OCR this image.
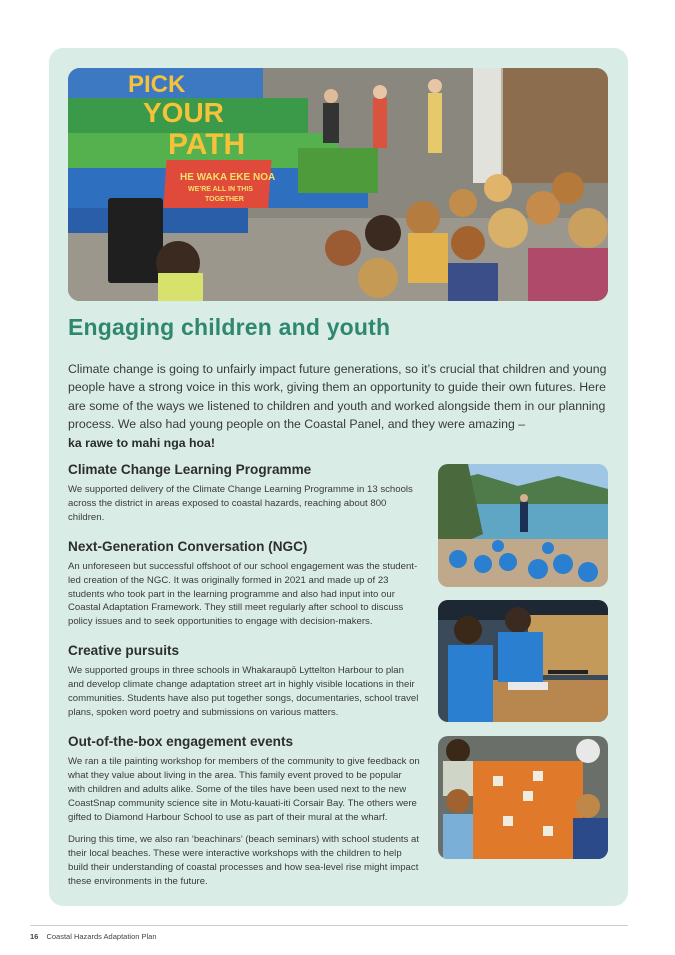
PICK
YOUR
PATH
HE WAKA EKE NOA
WE’RE ALL IN THIS
TOGETHER
Engaging children and youth

Climate change is going to unfairly impact future generations, so it’s crucial that children and young people have a strong voice in this work, giving them an opportunity to guide their own futures. Here are some of the ways we listened to children and youth and worked alongside them in our planning process. We also had young people on the Coastal Panel, and they were amazing –
ka rawe to mahi nga hoa!

Climate Change Learning Programme

We supported delivery of the Climate Change Learning Programme in 13 schools across the district in areas exposed to coastal hazards, reaching about 800 children.

Next-Generation Conversation (NGC)

An unforeseen but successful offshoot of our school engagement was the student-led creation of the NGC. It was originally formed in 2021 and made up of 23 students who took part in the learning programme and also had input into our Coastal Adaptation Framework. They still meet regularly after school to discuss policy issues and to seek opportunities to engage with decision-makers.

Creative pursuits

We supported groups in three schools in Whakaraupō Lyttelton Harbour to plan and develop climate change adaptation street art in highly visible locations in their communities. Students have also put together songs, documentaries, school travel plans, spoken word poetry and submissions on various matters.

Out-of-the-box engagement events

We ran a tile painting workshop for members of the community to give feedback on what they value about living in the area. This family event proved to be popular with children and adults alike. Some of the tiles have been used next to the new CoastSnap community science site in Motu-kauati-iti Corsair Bay. The others were gifted to Diamond Harbour School to use as part of their mural at the wharf.

During this time, we also ran ‘beachinars’ (beach seminars) with school students at their local beaches. These were interactive workshops with the children to help build their understanding of coastal processes and how sea-level rise might impact these environments in the future.

16 Coastal Hazards Adaptation Plan
